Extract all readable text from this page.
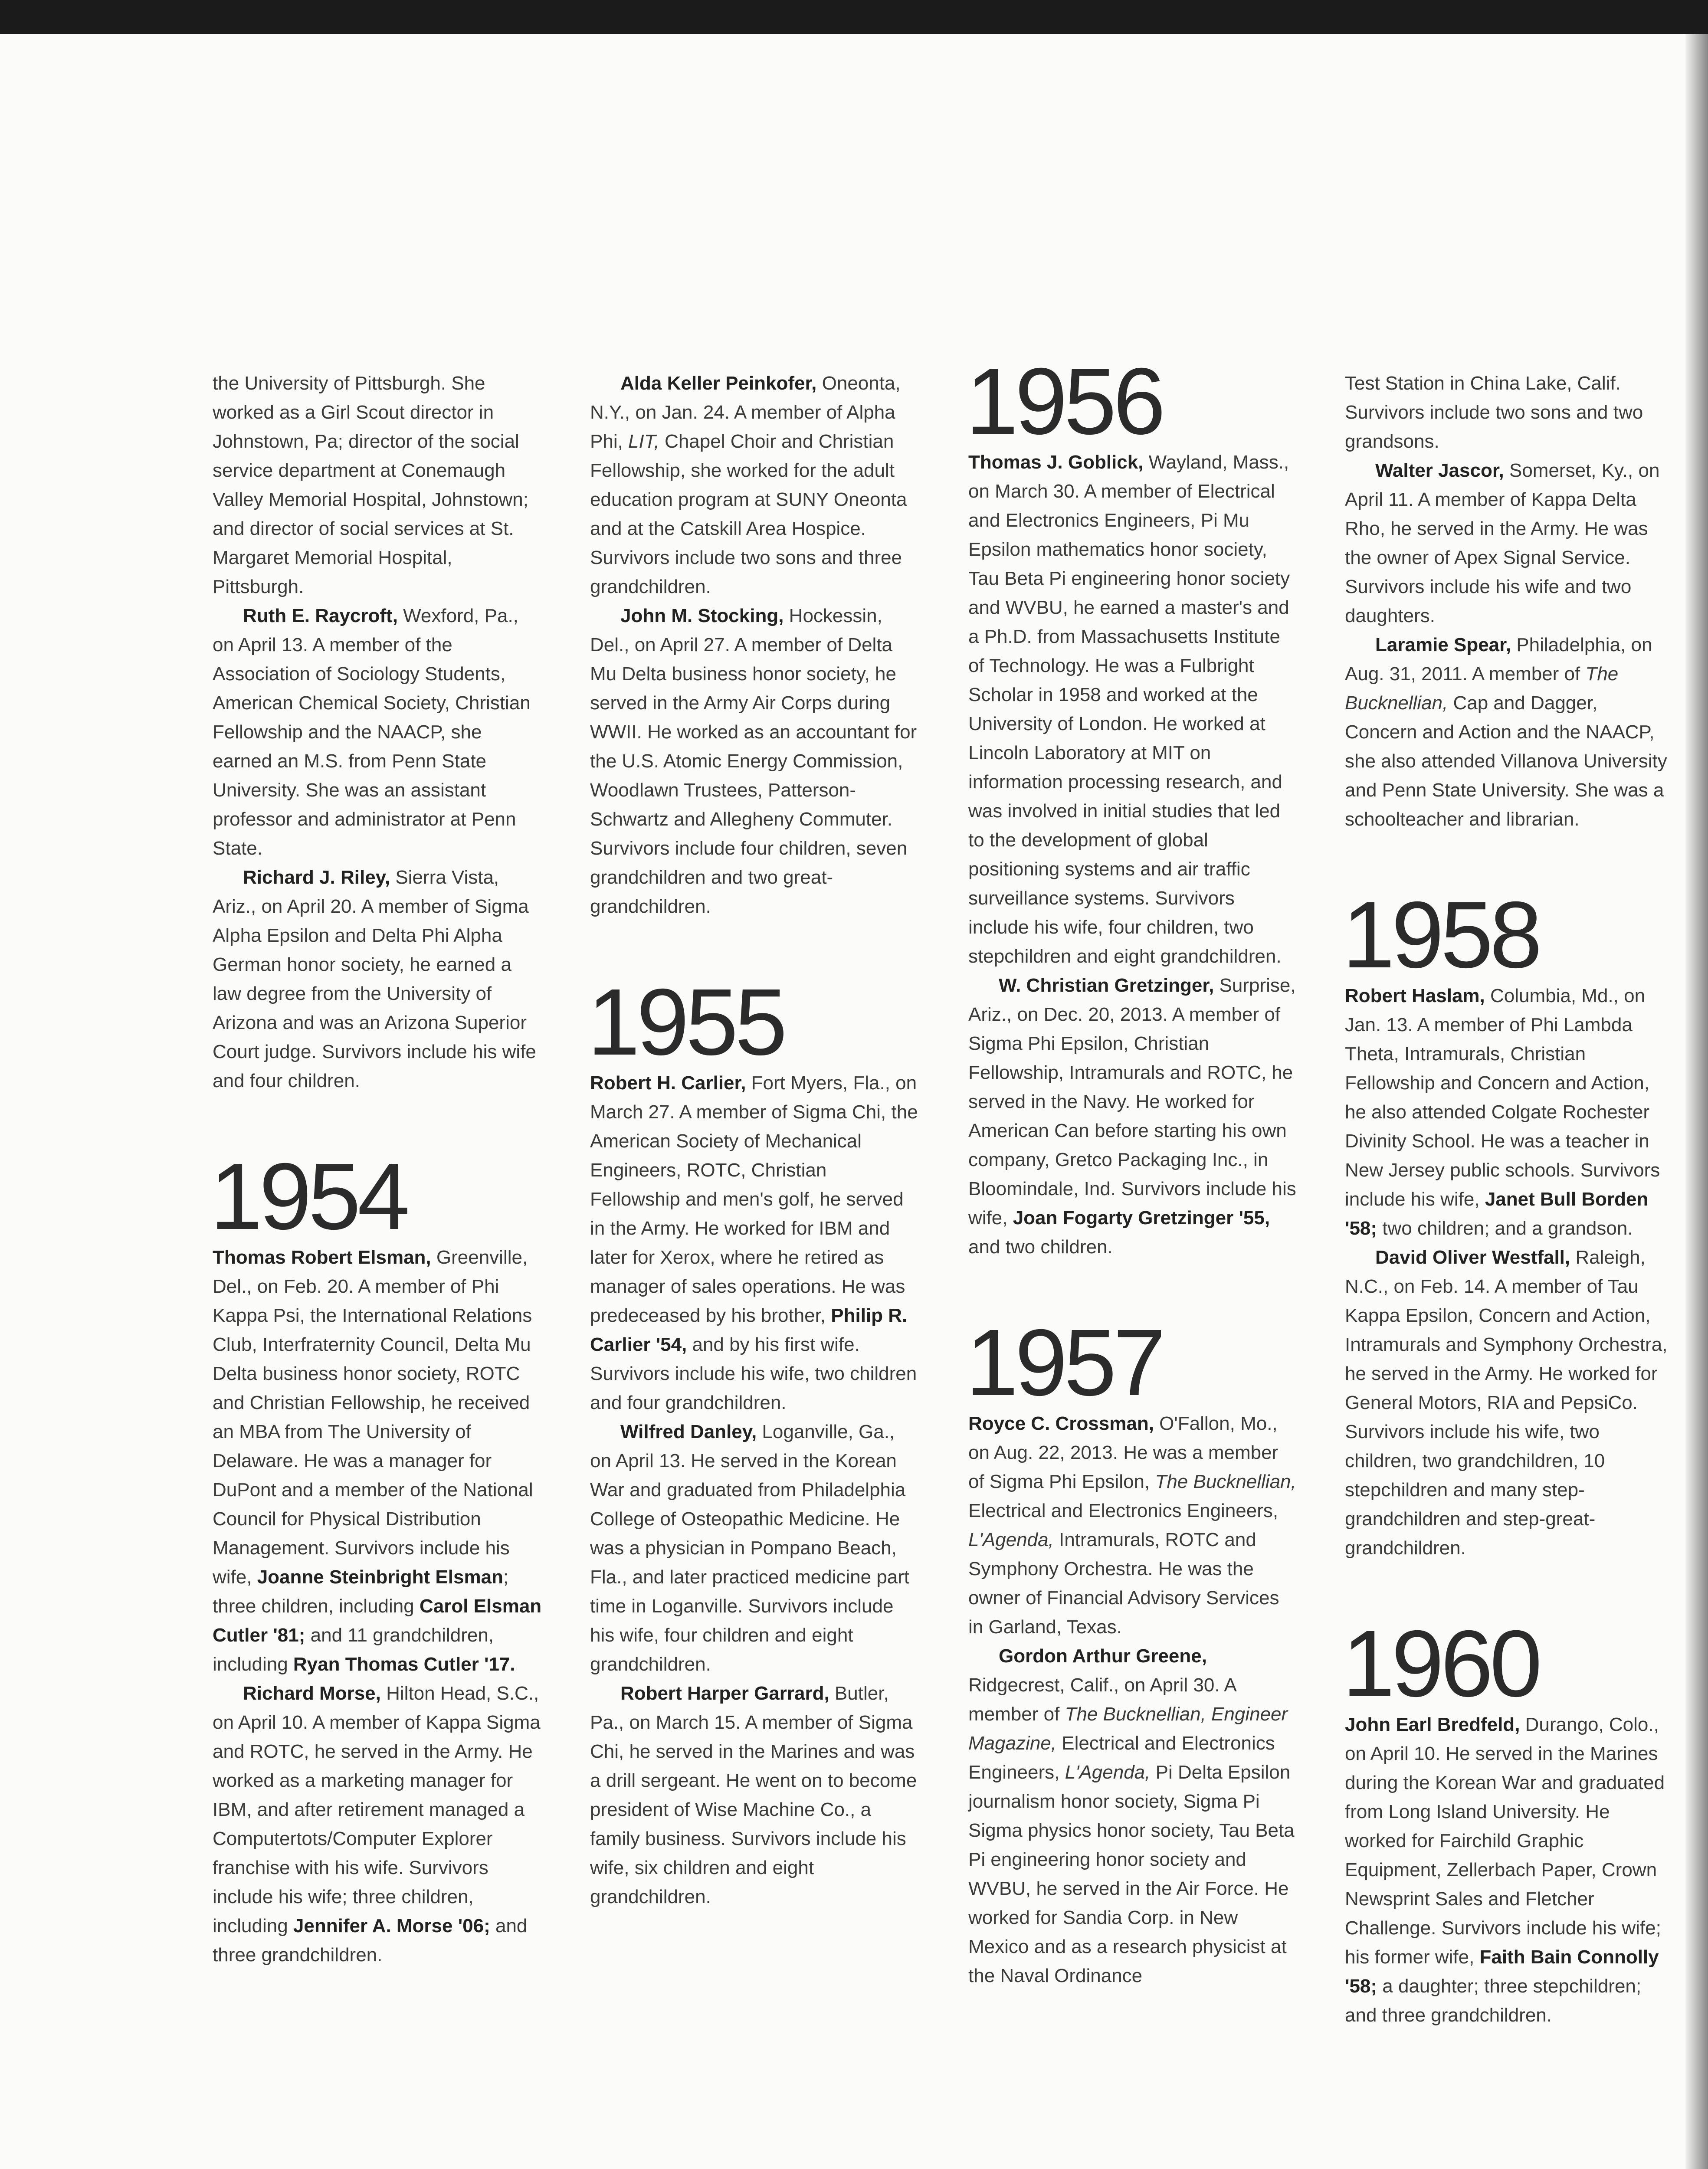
the University of Pittsburgh. She worked as a Girl Scout director in Johnstown, Pa; director of the social service department at Conemaugh Valley Memorial Hospital, Johnstown; and director of social services at St. Margaret Memorial Hospital, Pittsburgh.

Ruth E. Raycroft, Wexford, Pa., on April 13. A member of the Association of Sociology Students, American Chemical Society, Christian Fellowship and the NAACP, she earned an M.S. from Penn State University. She was an assistant professor and administrator at Penn State.

Richard J. Riley, Sierra Vista, Ariz., on April 20. A member of Sigma Alpha Epsilon and Delta Phi Alpha German honor society, he earned a law degree from the University of Arizona and was an Arizona Superior Court judge. Survivors include his wife and four children.

1954

Thomas Robert Elsman, Greenville, Del., on Feb. 20. A member of Phi Kappa Psi, the International Relations Club, Interfraternity Council, Delta Mu Delta business honor society, ROTC and Christian Fellowship, he received an MBA from The University of Delaware. He was a manager for DuPont and a member of the National Council for Physical Distribution Management. Survivors include his wife, Joanne Steinbright Elsman; three children, including Carol Elsman Cutler '81; and 11 grandchildren, including Ryan Thomas Cutler '17.

Richard Morse, Hilton Head, S.C., on April 10. A member of Kappa Sigma and ROTC, he served in the Army. He worked as a marketing manager for IBM, and after retirement managed a Computertots/Computer Explorer franchise with his wife. Survivors include his wife; three children, including Jennifer A. Morse '06; and three grandchildren.

Alda Keller Peinkofer, Oneonta, N.Y., on Jan. 24. A member of Alpha Phi, LIT, Chapel Choir and Christian Fellowship, she worked for the adult education program at SUNY Oneonta and at the Catskill Area Hospice. Survivors include two sons and three grandchildren.

John M. Stocking, Hockessin, Del., on April 27. A member of Delta Mu Delta business honor society, he served in the Army Air Corps during WWII. He worked as an accountant for the U.S. Atomic Energy Commission, Woodlawn Trustees, Patterson-Schwartz and Allegheny Commuter. Survivors include four children, seven grandchildren and two great-grandchildren.

1955

Robert H. Carlier, Fort Myers, Fla., on March 27. A member of Sigma Chi, the American Society of Mechanical Engineers, ROTC, Christian Fellowship and men's golf, he served in the Army. He worked for IBM and later for Xerox, where he retired as manager of sales operations. He was predeceased by his brother, Philip R. Carlier '54, and by his first wife. Survivors include his wife, two children and four grandchildren.

Wilfred Danley, Loganville, Ga., on April 13. He served in the Korean War and graduated from Philadelphia College of Osteopathic Medicine. He was a physician in Pompano Beach, Fla., and later practiced medicine part time in Loganville. Survivors include his wife, four children and eight grandchildren.

Robert Harper Garrard, Butler, Pa., on March 15. A member of Sigma Chi, he served in the Marines and was a drill sergeant. He went on to become president of Wise Machine Co., a family business. Survivors include his wife, six children and eight grandchildren.

1956

Thomas J. Goblick, Wayland, Mass., on March 30. A member of Electrical and Electronics Engineers, Pi Mu Epsilon mathematics honor society, Tau Beta Pi engineering honor society and WVBU, he earned a master's and a Ph.D. from Massachusetts Institute of Technology. He was a Fulbright Scholar in 1958 and worked at the University of London. He worked at Lincoln Laboratory at MIT on information processing research, and was involved in initial studies that led to the development of global positioning systems and air traffic surveillance systems. Survivors include his wife, four children, two stepchildren and eight grandchildren.

W. Christian Gretzinger, Surprise, Ariz., on Dec. 20, 2013. A member of Sigma Phi Epsilon, Christian Fellowship, Intramurals and ROTC, he served in the Navy. He worked for American Can before starting his own company, Gretco Packaging Inc., in Bloomindale, Ind. Survivors include his wife, Joan Fogarty Gretzinger '55, and two children.

1957

Royce C. Crossman, O'Fallon, Mo., on Aug. 22, 2013. He was a member of Sigma Phi Epsilon, The Bucknellian, Electrical and Electronics Engineers, L'Agenda, Intramurals, ROTC and Symphony Orchestra. He was the owner of Financial Advisory Services in Garland, Texas.

Gordon Arthur Greene, Ridgecrest, Calif., on April 30. A member of The Bucknellian, Engineer Magazine, Electrical and Electronics Engineers, L'Agenda, Pi Delta Epsilon journalism honor society, Sigma Pi Sigma physics honor society, Tau Beta Pi engineering honor society and WVBU, he served in the Air Force. He worked for Sandia Corp. in New Mexico and as a research physicist at the Naval Ordinance

Test Station in China Lake, Calif. Survivors include two sons and two grandsons.

Walter Jascor, Somerset, Ky., on April 11. A member of Kappa Delta Rho, he served in the Army. He was the owner of Apex Signal Service. Survivors include his wife and two daughters.

Laramie Spear, Philadelphia, on Aug. 31, 2011. A member of The Bucknellian, Cap and Dagger, Concern and Action and the NAACP, she also attended Villanova University and Penn State University. She was a schoolteacher and librarian.

1958

Robert Haslam, Columbia, Md., on Jan. 13. A member of Phi Lambda Theta, Intramurals, Christian Fellowship and Concern and Action, he also attended Colgate Rochester Divinity School. He was a teacher in New Jersey public schools. Survivors include his wife, Janet Bull Borden '58; two children; and a grandson.

David Oliver Westfall, Raleigh, N.C., on Feb. 14. A member of Tau Kappa Epsilon, Concern and Action, Intramurals and Symphony Orchestra, he served in the Army. He worked for General Motors, RIA and PepsiCo. Survivors include his wife, two children, two grandchildren, 10 stepchildren and many step-grandchildren and step-great-grandchildren.

1960

John Earl Bredfeld, Durango, Colo., on April 10. He served in the Marines during the Korean War and graduated from Long Island University. He worked for Fairchild Graphic Equipment, Zellerbach Paper, Crown Newsprint Sales and Fletcher Challenge. Survivors include his wife; his former wife, Faith Bain Connolly '58; a daughter; three stepchildren; and three grandchildren.
